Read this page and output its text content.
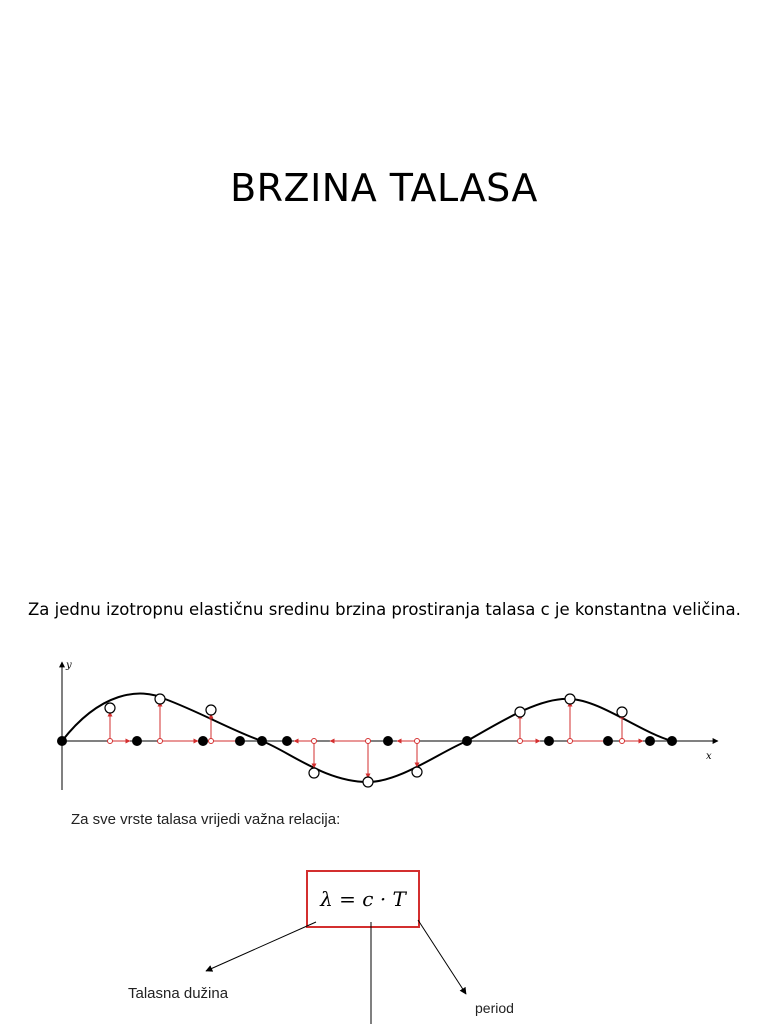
BRZINA TALASA

Za jednu izotropnu elastičnu sredinu brzina prostiranja talasa c je konstantna veličina.

y
x

Za sve vrste talasa vrijedi važna relacija:

λ = c · T

Talasna dužina

period
